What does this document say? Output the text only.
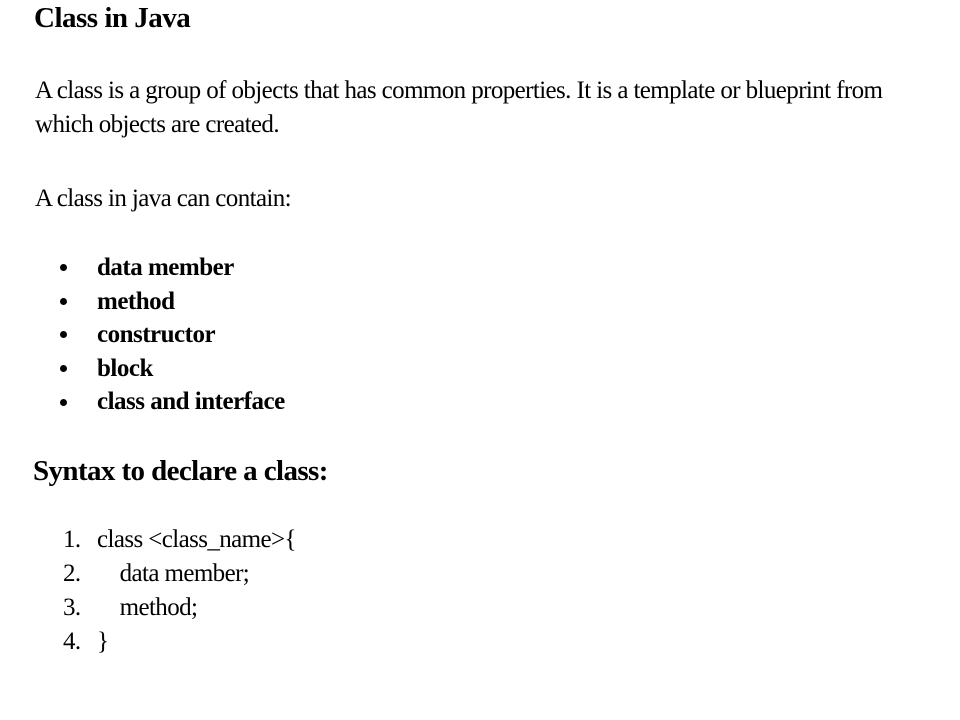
Class in Java

A class is a group of objects that has common properties. It is a template or blueprint from
which objects are created.

A class in java can contain:

data member
method
constructor
block
class and interface
Syntax to declare a class:
1. class <class_name>{
2. data member;
3. method;
4. }
